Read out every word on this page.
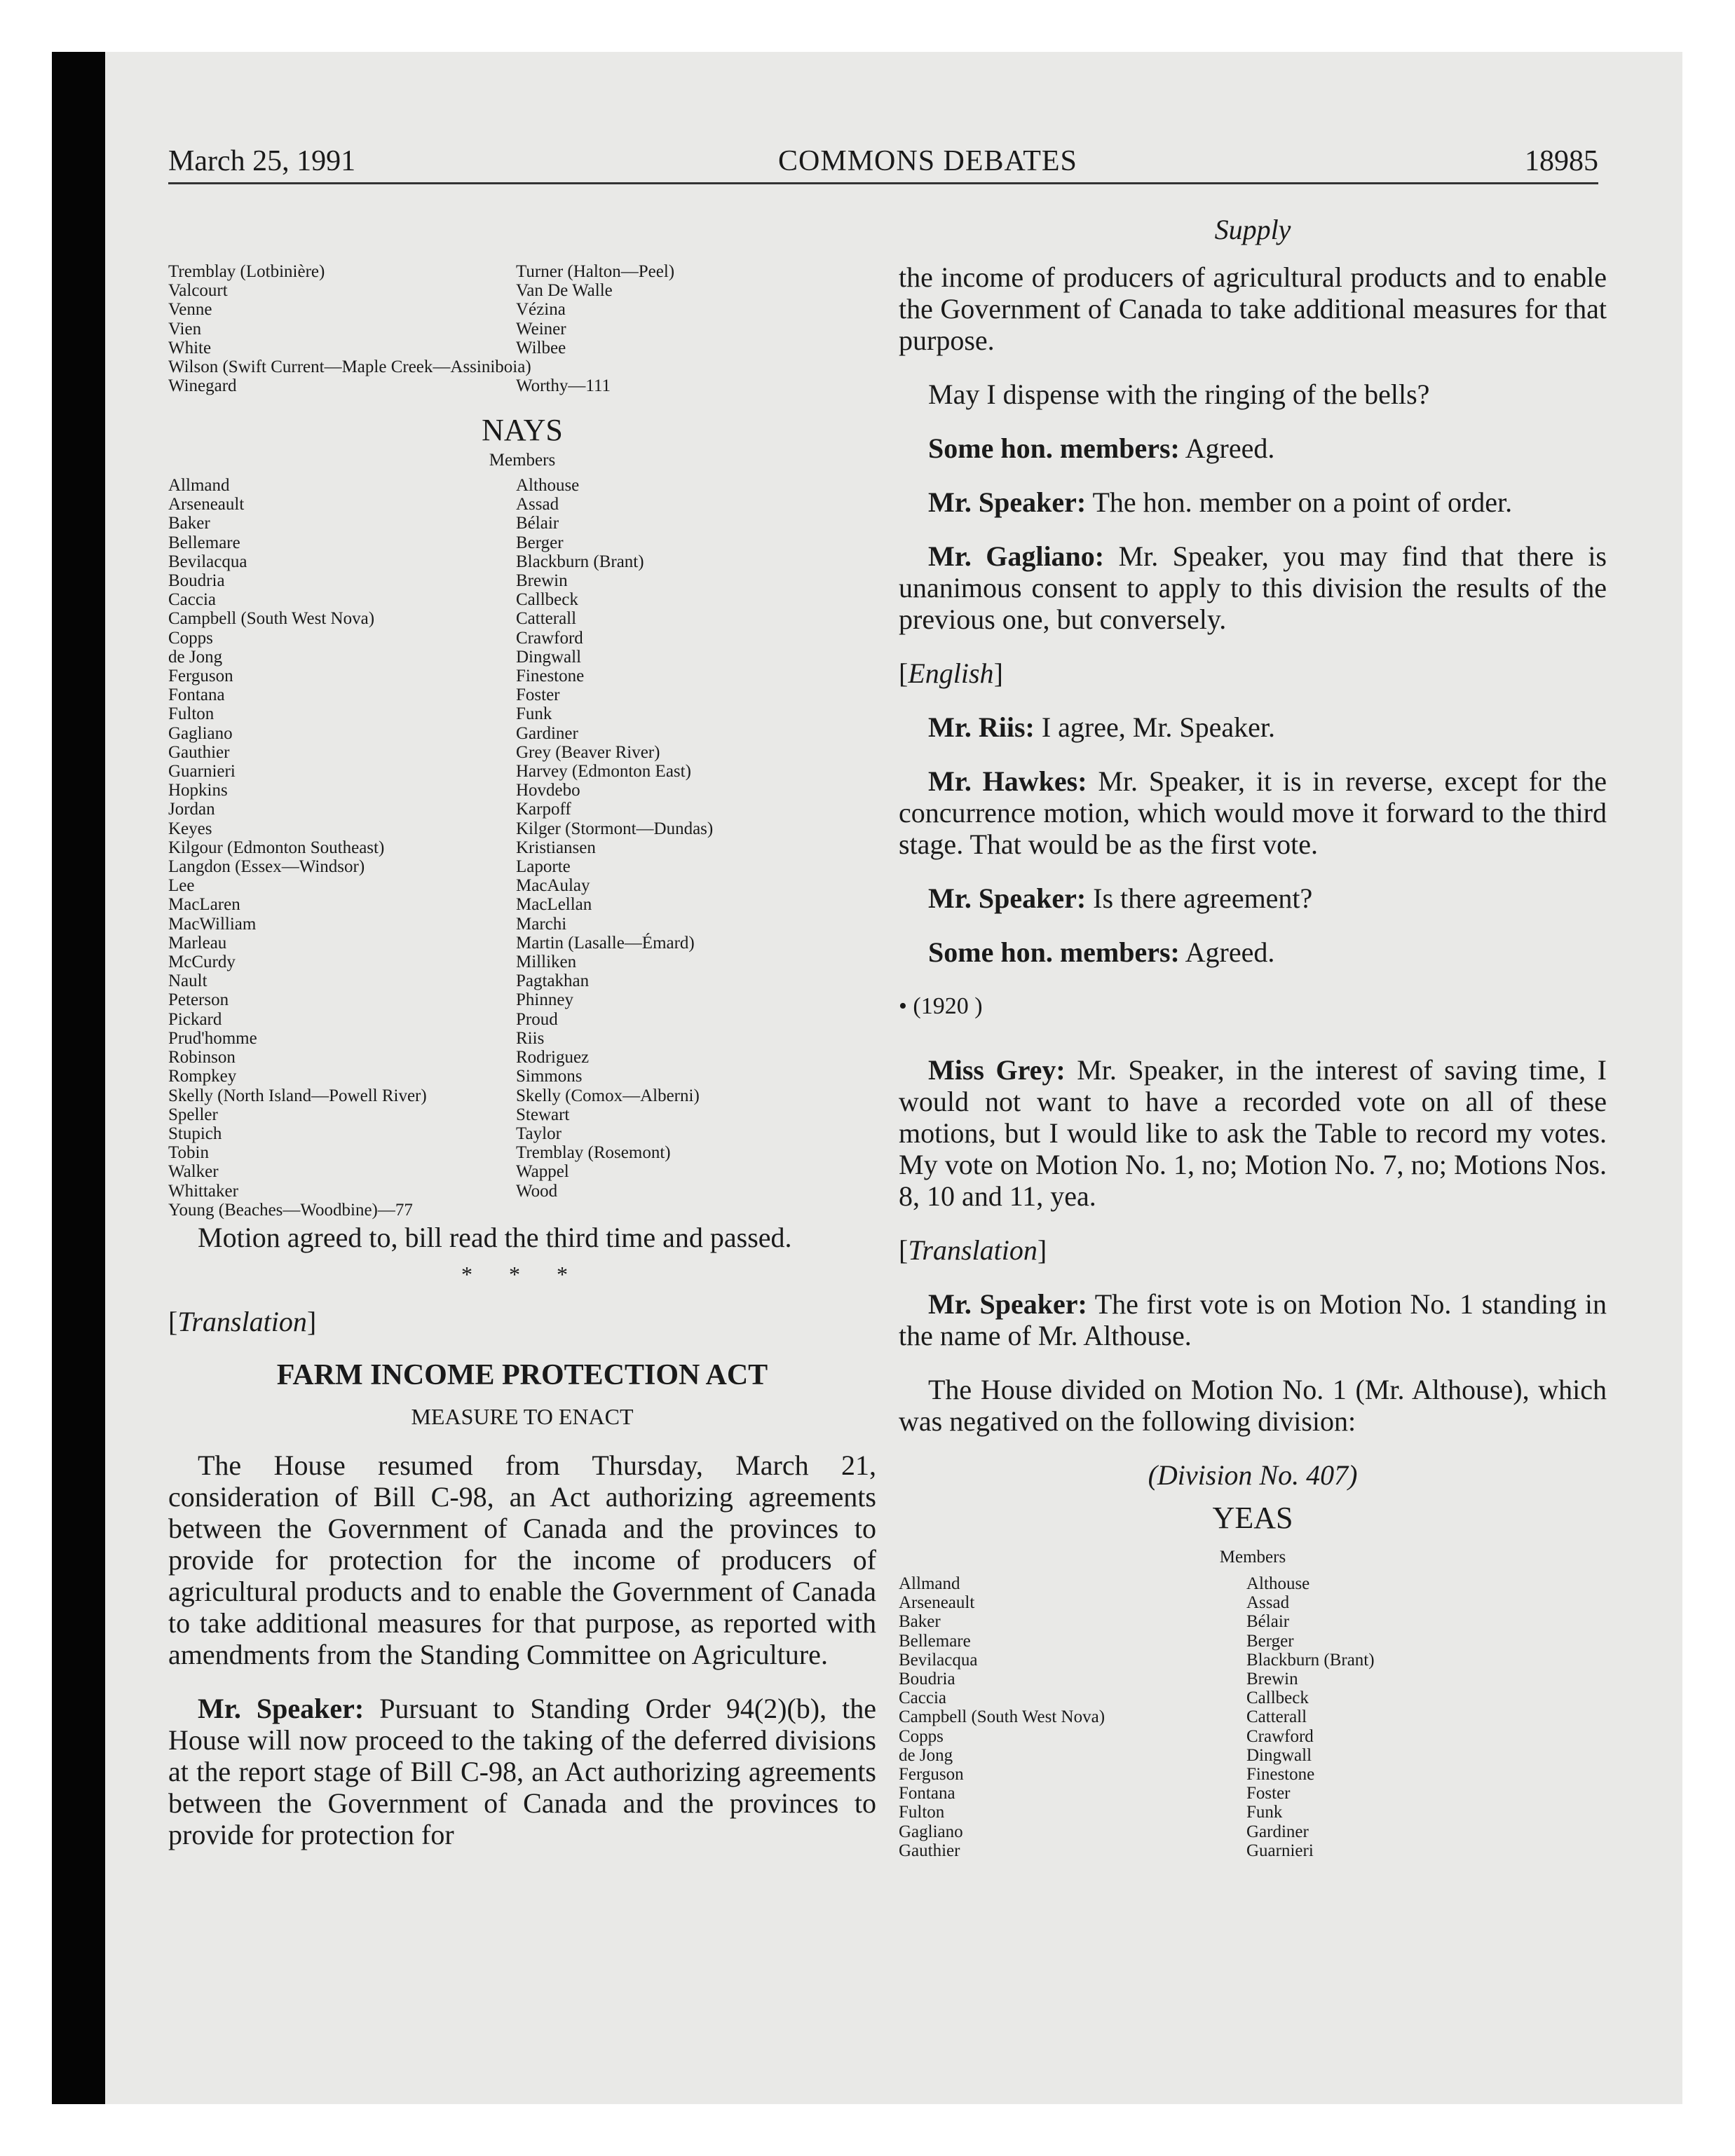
March 25, 1991	COMMONS DEBATES	18985
Tremblay (Lotbinière)
Valcourt
Venne
Vien
White
Wilson (Swift Current—Maple Creek—Assiniboia)
Winegard
Turner (Halton—Peel)
Van De Walle
Vézina
Weiner
Wilbee

Worthy—111
NAYS
Members
Allmand
Arseneault
Baker
Bellemare
Bevilacqua
Boudria
Caccia
Campbell (South West Nova)
Copps
de Jong
Ferguson
Fontana
Fulton
Gagliano
Gauthier
Guarnieri
Hopkins
Jordan
Keyes
Kilgour (Edmonton Southeast)
Langdon (Essex—Windsor)
Lee
MacLaren
MacWilliam
Marleau
McCurdy
Nault
Peterson
Pickard
Prud'homme
Robinson
Rompkey
Skelly (North Island—Powell River)
Speller
Stupich
Tobin
Walker
Whittaker
Young (Beaches—Woodbine)—77
Althouse
Assad
Bélair
Berger
Blackburn (Brant)
Brewin
Callbeck
Catterall
Crawford
Dingwall
Finestone
Foster
Funk
Gardiner
Grey (Beaver River)
Harvey (Edmonton East)
Hovdebo
Karpoff
Kilger (Stormont—Dundas)
Kristiansen
Laporte
MacAulay
MacLellan
Marchi
Martin (Lasalle—Émard)
Milliken
Pagtakhan
Phinney
Proud
Riis
Rodriguez
Simmons
Skelly (Comox—Alberni)
Stewart
Taylor
Tremblay (Rosemont)
Wappel
Wood
Motion agreed to, bill read the third time and passed.
* * *
[Translation]
FARM INCOME PROTECTION ACT
MEASURE TO ENACT
The House resumed from Thursday, March 21, consideration of Bill C-98, an Act authorizing agreements between the Government of Canada and the provinces to provide for protection for the income of producers of agricultural products and to enable the Government of Canada to take additional measures for that purpose, as reported with amendments from the Standing Committee on Agriculture.
Mr. Speaker: Pursuant to Standing Order 94(2)(b), the House will now proceed to the taking of the deferred divisions at the report stage of Bill C-98, an Act authorizing agreements between the Government of Canada and the provinces to provide for protection for
Supply
the income of producers of agricultural products and to enable the Government of Canada to take additional measures for that purpose.
May I dispense with the ringing of the bells?
Some hon. members: Agreed.
Mr. Speaker: The hon. member on a point of order.
Mr. Gagliano: Mr. Speaker, you may find that there is unanimous consent to apply to this division the results of the previous one, but conversely.
[English]
Mr. Riis: I agree, Mr. Speaker.
Mr. Hawkes: Mr. Speaker, it is in reverse, except for the concurrence motion, which would move it forward to the third stage. That would be as the first vote.
Mr. Speaker: Is there agreement?
Some hon. members: Agreed.
• (1920 )
Miss Grey: Mr. Speaker, in the interest of saving time, I would not want to have a recorded vote on all of these motions, but I would like to ask the Table to record my votes. My vote on Motion No. 1, no; Motion No. 7, no; Motions Nos. 8, 10 and 11, yea.
[Translation]
Mr. Speaker: The first vote is on Motion No. 1 standing in the name of Mr. Althouse.
The House divided on Motion No. 1 (Mr. Althouse), which was negatived on the following division:
(Division No. 407)
YEAS
Members
Allmand
Arseneault
Baker
Bellemare
Bevilacqua
Boudria
Caccia
Campbell (South West Nova)
Copps
de Jong
Ferguson
Fontana
Fulton
Gagliano
Gauthier
Althouse
Assad
Bélair
Berger
Blackburn (Brant)
Brewin
Callbeck
Catterall
Crawford
Dingwall
Finestone
Foster
Funk
Gardiner
Guarnieri
